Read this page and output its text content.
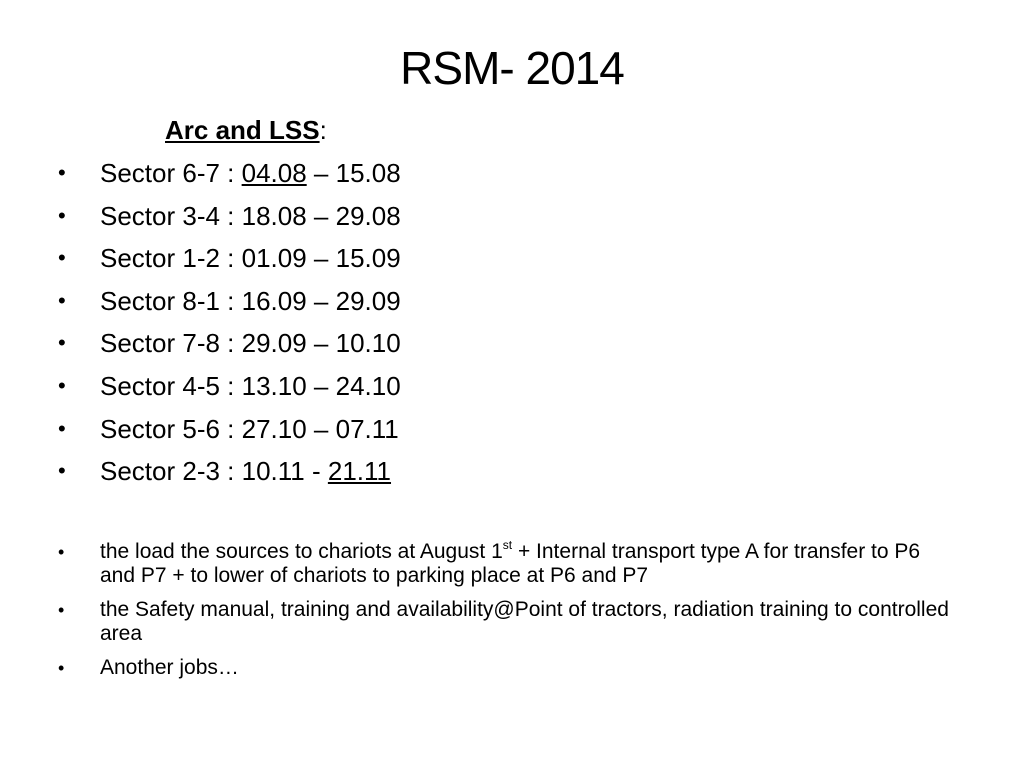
RSM- 2014
Arc and LSS:
• Sector 6-7 : 04.08 – 15.08
• Sector 3-4 : 18.08 – 29.08
• Sector 1-2 : 01.09 – 15.09
• Sector 8-1 : 16.09 – 29.09
• Sector 7-8 : 29.09 – 10.10
• Sector 4-5 : 13.10 – 24.10
• Sector 5-6 : 27.10 – 07.11
• Sector 2-3 : 10.11 - 21.11
• the load the sources to chariots at August 1st + Internal transport type A for transfer to P6 and P7 + to lower of chariots to parking place at P6 and P7
• the Safety manual, training and availability@Point of tractors, radiation training to controlled area
• Another jobs…
